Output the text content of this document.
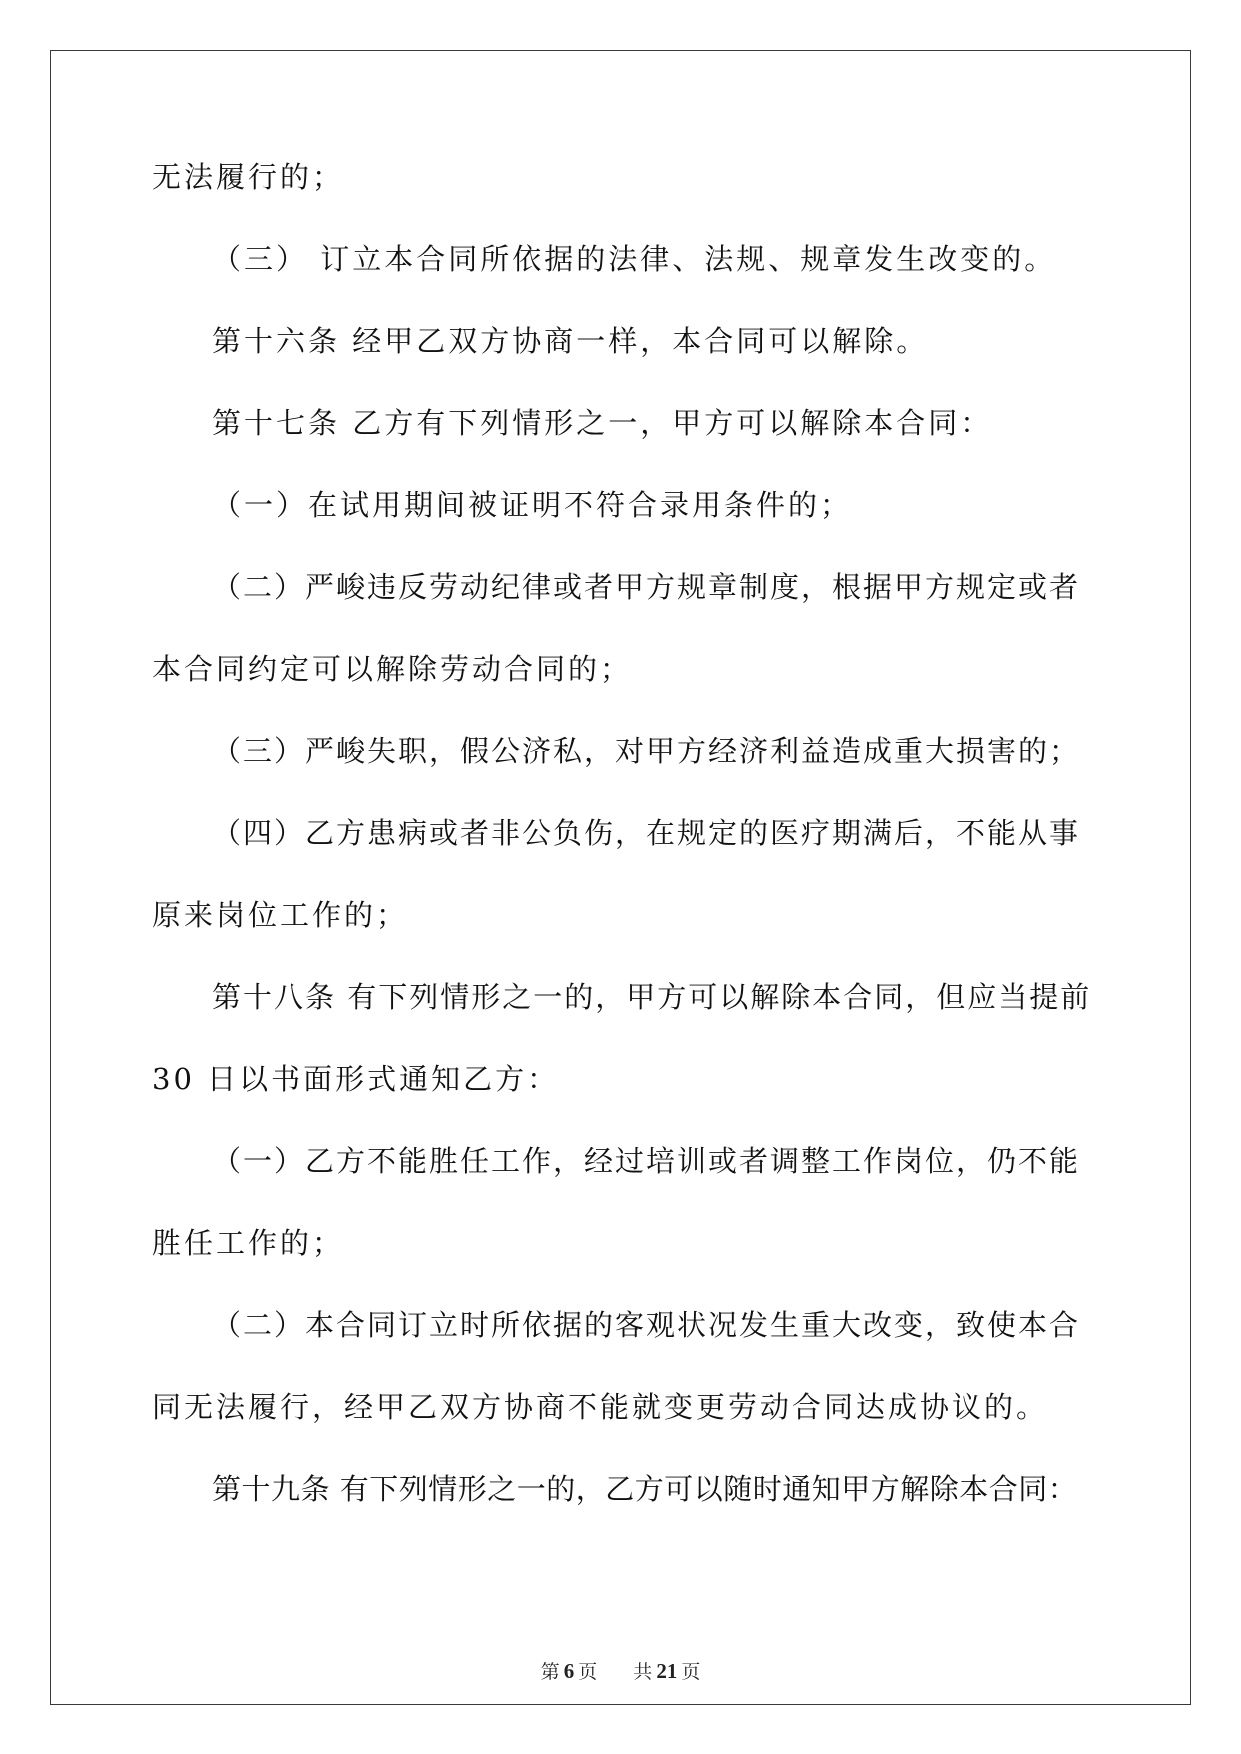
无法履行的；
（三） 订立本合同所依据的法律、法规、规章发生改变的。
第十六条 经甲乙双方协商一样，本合同可以解除。
第十七条 乙方有下列情形之一，甲方可以解除本合同：
（一）在试用期间被证明不符合录用条件的；
（二）严峻违反劳动纪律或者甲方规章制度，根据甲方规定或者
本合同约定可以解除劳动合同的；
（三）严峻失职，假公济私，对甲方经济利益造成重大损害的；
（四）乙方患病或者非公负伤，在规定的医疗期满后，不能从事
原来岗位工作的；
第十八条 有下列情形之一的，甲方可以解除本合同，但应当提前
30 日以书面形式通知乙方：
（一）乙方不能胜任工作，经过培训或者调整工作岗位，仍不能
胜任工作的；
（二）本合同订立时所依据的客观状况发生重大改变，致使本合
同无法履行，经甲乙双方协商不能就变更劳动合同达成协议的。
第十九条 有下列情形之一的，乙方可以随时通知甲方解除本合同：
第 6 页 共 21 页
